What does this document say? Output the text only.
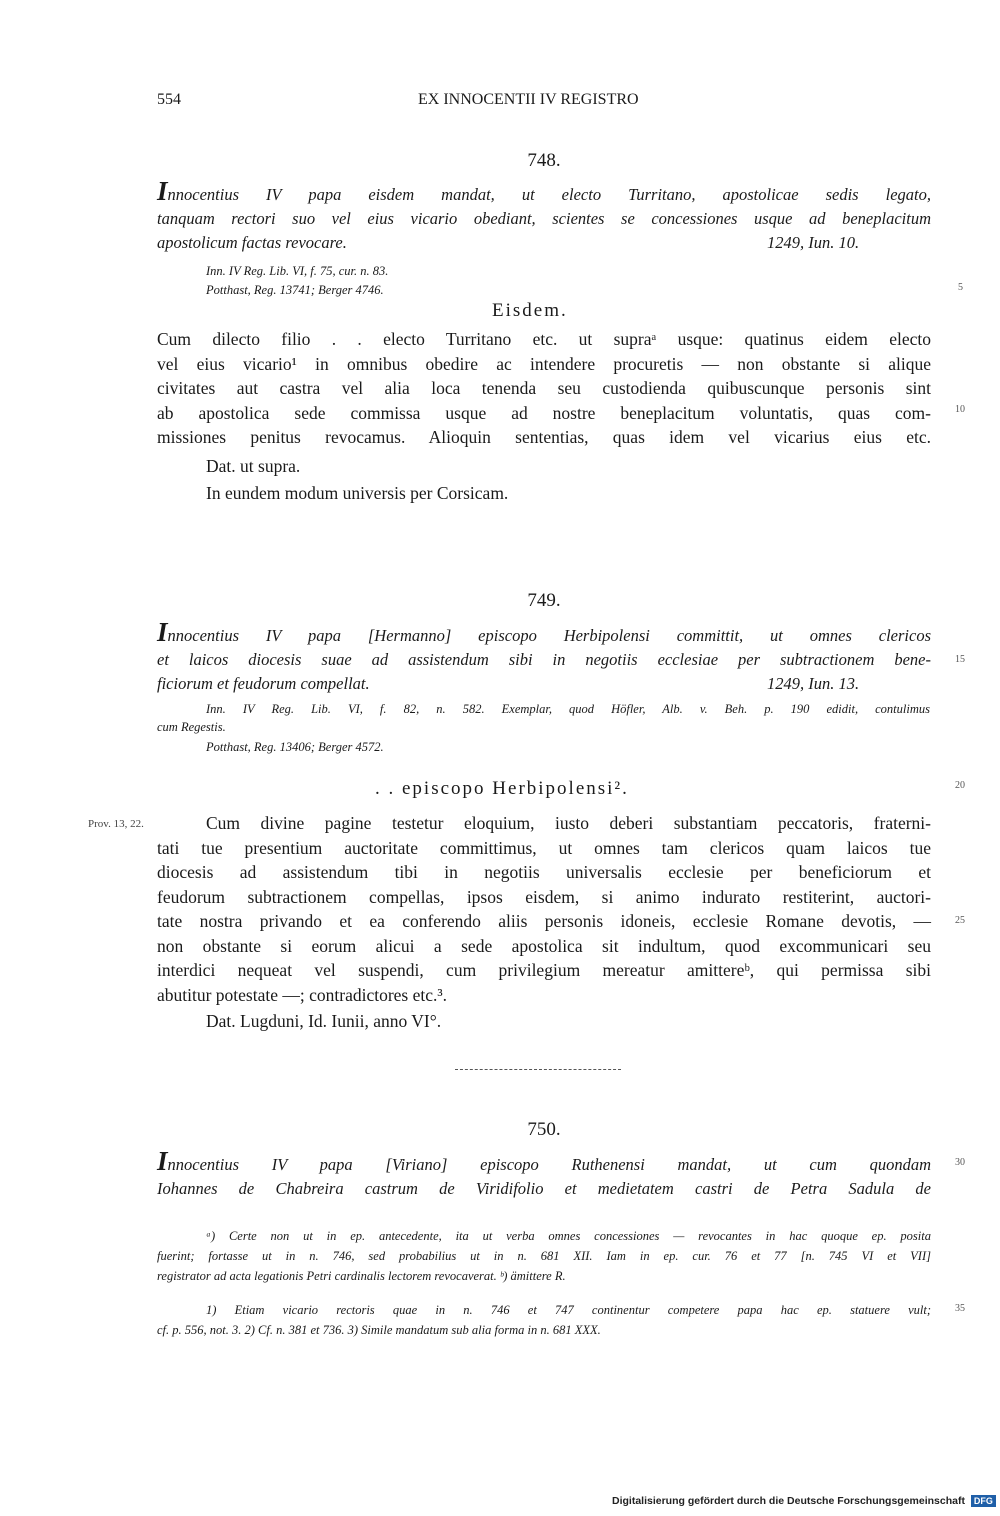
554	EX INNOCENTII IV REGISTRO
748.
Innocentius IV papa eisdem mandat, ut electo Turritano, apostolicae sedis legato,
tanquam rectori suo vel eius vicario obediant, scientes se concessiones usque ad beneplacitum
apostolicum factas revocare.	1249, Iun. 10.
Inn. IV Reg. Lib. VI, f. 75, cur. n. 83.
Potthast, Reg. 13741; Berger 4746.
Eisdem.
Cum dilecto filio . . electo Turritano etc. ut supraᵃ usque: quatinus eidem electo
vel eius vicario¹ in omnibus obedire ac intendere procuretis — non obstante si alique
civitates aut castra vel alia loca tenenda seu custodienda quibuscunque personis sint
ab apostolica sede commissa usque ad nostre beneplacitum voluntatis, quas com-
missiones penitus revocamus. Alioquin sententias, quas idem vel vicarius eius etc.
Dat. ut supra.
In eundem modum universis per Corsicam.
749.
Innocentius IV papa [Hermanno] episcopo Herbipolensi committit, ut omnes clericos
et laicos diocesis suae ad assistendum sibi in negotiis ecclesiae per subtractionem bene-
ficiorum et feudorum compellat.	1249, Iun. 13.
Inn. IV Reg. Lib. VI, f. 82, n. 582. Exemplar, quod Höfler, Alb. v. Beh. p. 190 edidit, contulimus
cum Regestis.
Potthast, Reg. 13406; Berger 4572.
. . episcopo Herbipolensi².
Prov. 13, 22.	Cum divine pagine testetur eloquium, iusto deberi substantiam peccatoris, fraterni-
tati tue presentium auctoritate committimus, ut omnes tam clericos quam laicos tue
diocesis ad assistendum tibi in negotiis universalis ecclesie per beneficiorum et
feudorum subtractionem compellas, ipsos eisdem, si animo indurato restiterint, auctori-
tate nostra privando et ea conferendo aliis personis idoneis, ecclesie Romane devotis, —
non obstante si eorum alicui a sede apostolica sit indultum, quod excommunicari seu
interdici nequeat vel suspendi, cum privilegium mereatur amittereᵇ, qui permissa sibi
abutitur potestate —; contradictores etc.³.
Dat. Lugduni, Id. Iunii, anno VI°.
750.
Innocentius IV papa [Viriano] episcopo Ruthenensi mandat, ut cum quondam
Iohannes de Chabreira castrum de Viridifolio et medietatem castri de Petra Sadula de
5
10
15
20
25
30
35
ᵃ) Certe non ut in ep. antecedente, ita ut verba omnes concessiones — revocantes in hac quoque ep. posita
fuerint; fortasse ut in n. 746, sed probabilius ut in n. 681 XII. Iam in ep. cur. 76 et 77 [n. 745 VI et VII]
registrator ad acta legationis Petri cardinalis lectorem revocaverat. ᵇ) ämittere R.
1) Etiam vicario rectoris quae in n. 746 et 747 continentur competere papa hac ep. statuere vult;
cf. p. 556, not. 3. 2) Cf. n. 381 et 736. 3) Simile mandatum sub alia forma in n. 681 XXX.
Digitalisierung gefördert durch die Deutsche Forschungsgemeinschaft DFG
